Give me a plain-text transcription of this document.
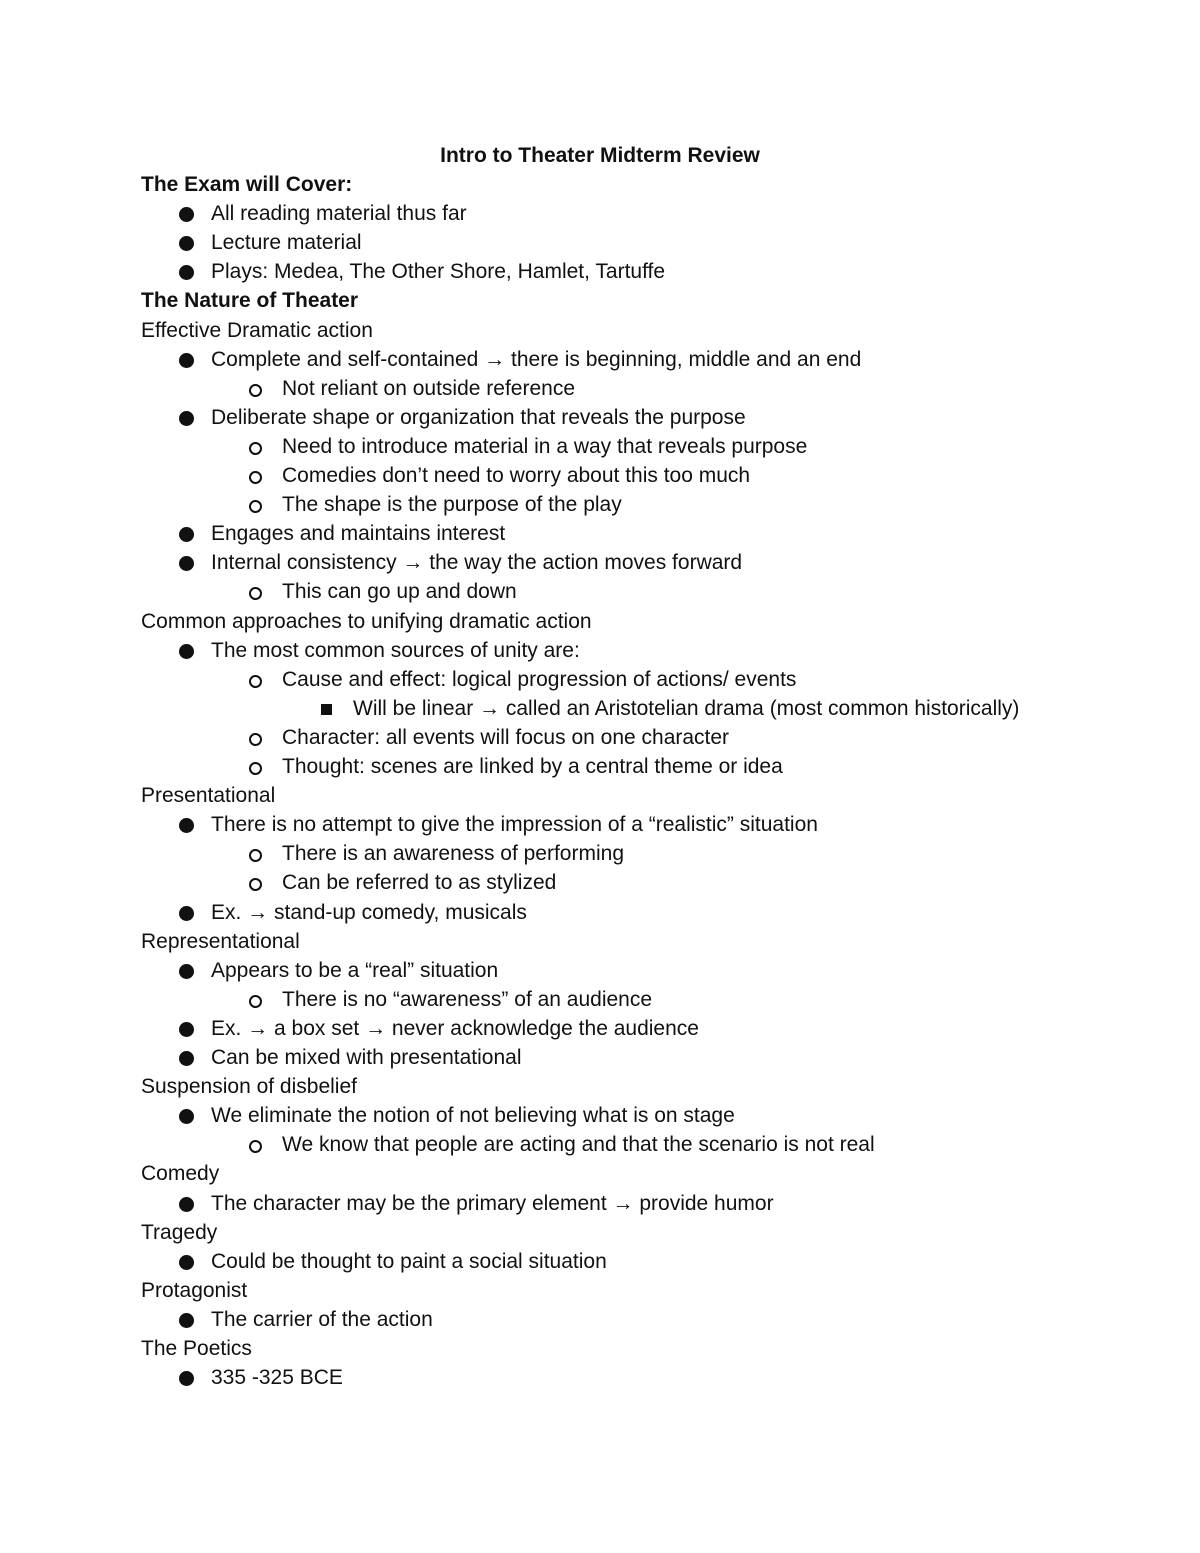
Intro to Theater Midterm Review
The Exam will Cover:
All reading material thus far
Lecture material
Plays: Medea, The Other Shore, Hamlet, Tartuffe
The Nature of Theater
Effective Dramatic action
Complete and self-contained → there is beginning, middle and an end
Not reliant on outside reference
Deliberate shape or organization that reveals the purpose
Need to introduce material in a way that reveals purpose
Comedies don’t need to worry about this too much
The shape is the purpose of the play
Engages and maintains interest
Internal consistency → the way the action moves forward
This can go up and down
Common approaches to unifying dramatic action
The most common sources of unity are:
Cause and effect: logical progression of actions/ events
Will be linear → called an Aristotelian drama (most common historically)
Character: all events will focus on one character
Thought: scenes are linked by a central theme or idea
Presentational
There is no attempt to give the impression of a “realistic” situation
There is an awareness of performing
Can be referred to as stylized
Ex. → stand-up comedy, musicals
Representational
Appears to be a “real” situation
There is no “awareness” of an audience
Ex. → a box set → never acknowledge the audience
Can be mixed with presentational
Suspension of disbelief
We eliminate the notion of not believing what is on stage
We know that people are acting and that the scenario is not real
Comedy
The character may be the primary element → provide humor
Tragedy
Could be thought to paint a social situation
Protagonist
The carrier of the action
The Poetics
335 -325 BCE
